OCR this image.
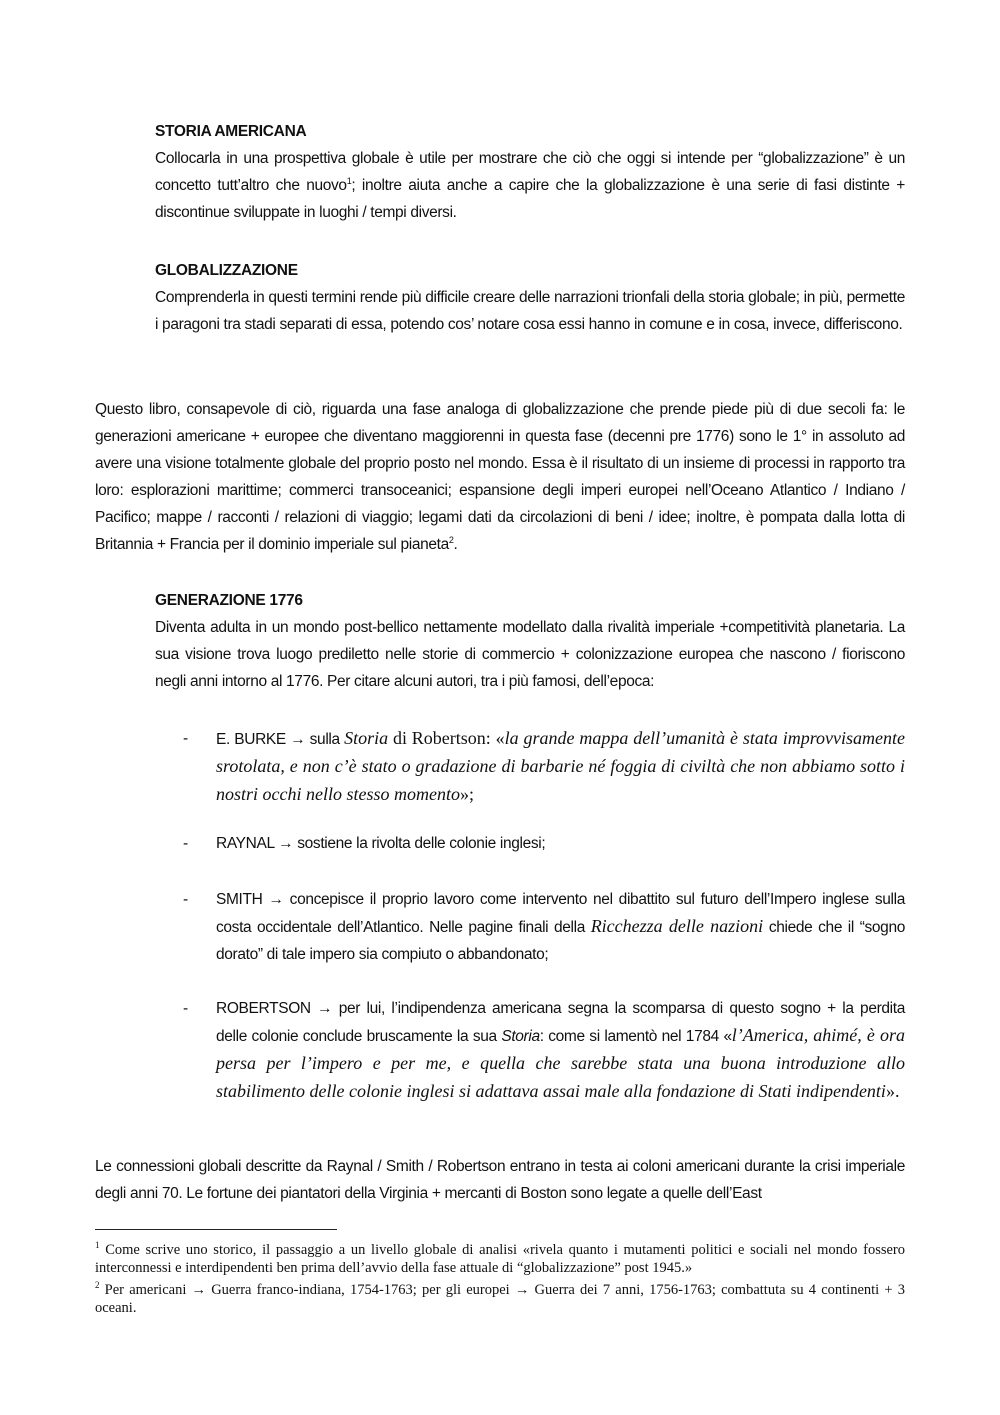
STORIA AMERICANA

Collocarla in una prospettiva globale è utile per mostrare che ciò che oggi si intende per “globalizzazione” è un concetto tutt’altro che nuovo$^1$; inoltre aiuta anche a capire che la globalizzazione è una serie di fasi distinte + discontinue sviluppate in luoghi / tempi diversi.

GLOBALIZZAZIONE

Comprenderla in questi termini rende più difficile creare delle narrazioni trionfali della storia globale; in più, permette i paragoni tra stadi separati di essa, potendo cos’ notare cosa essi hanno in comune e in cosa, invece, differiscono.

Questo libro, consapevole di ciò, riguarda una fase analoga di globalizzazione che prende piede più di due secoli fa: le generazioni americane + europee che diventano maggiorenni in questa fase (decenni pre 1776) sono le 1° in assoluto ad avere una visione totalmente globale del proprio posto nel mondo. Essa è il risultato di un insieme di processi in rapporto tra loro: esplorazioni marittime; commerci transoceanici; espansione degli imperi europei nell’Oceano Atlantico / Indiano / Pacifico; mappe / racconti / relazioni di viaggio; legami dati da circolazioni di beni / idee; inoltre, è pompata dalla lotta di Britannia + Francia per il dominio imperiale sul pianeta$^2$.

GENERAZIONE 1776

Diventa adulta in un mondo post-bellico nettamente modellato dalla rivalità imperiale +competitività planetaria. La sua visione trova luogo prediletto nelle storie di commercio + colonizzazione europea che nascono / fioriscono negli anni intorno al 1776. Per citare alcuni autori, tra i più famosi, dell’epoca:

- E. BURKE → sulla Storia di Robertson: «la grande mappa dell’umanità è stata improvvisamente srotolata, e non c’è stato o gradazione di barbarie né foggia di civiltà che non abbiamo sotto i nostri occhi nello stesso momento»;
- RAYNAL → sostiene la rivolta delle colonie inglesi;
- SMITH → concepisce il proprio lavoro come intervento nel dibattito sul futuro dell’Impero inglese sulla costa occidentale dell’Atlantico. Nelle pagine finali della Ricchezza delle nazioni chiede che il “sogno dorato” di tale impero sia compiuto o abbandonato;
- ROBERTSON → per lui, l’indipendenza americana segna la scomparsa di questo sogno + la perdita delle colonie conclude bruscamente la sua Storia: come si lamentò nel 1784 «l’America, ahimé, è ora persa per l’impero e per me, e quella che sarebbe stata una buona introduzione allo stabilimento delle colonie inglesi si adattava assai male alla fondazione di Stati indipendenti».

Le connessioni globali descritte da Raynal / Smith / Robertson entrano in testa ai coloni americani durante la crisi imperiale degli anni 70. Le fortune dei piantatori della Virginia + mercanti di Boston sono legate a quelle dell’East

$^1$ Come scrive uno storico, il passaggio a un livello globale di analisi «rivela quanto i mutamenti politici e sociali nel mondo fossero interconnessi e interdipendenti ben prima dell’avvio della fase attuale di “globalizzazione” post 1945.»
$^2$ Per americani → Guerra franco-indiana, 1754-1763; per gli europei → Guerra dei 7 anni, 1756-1763; combattuta su 4 continenti + 3 oceani.
